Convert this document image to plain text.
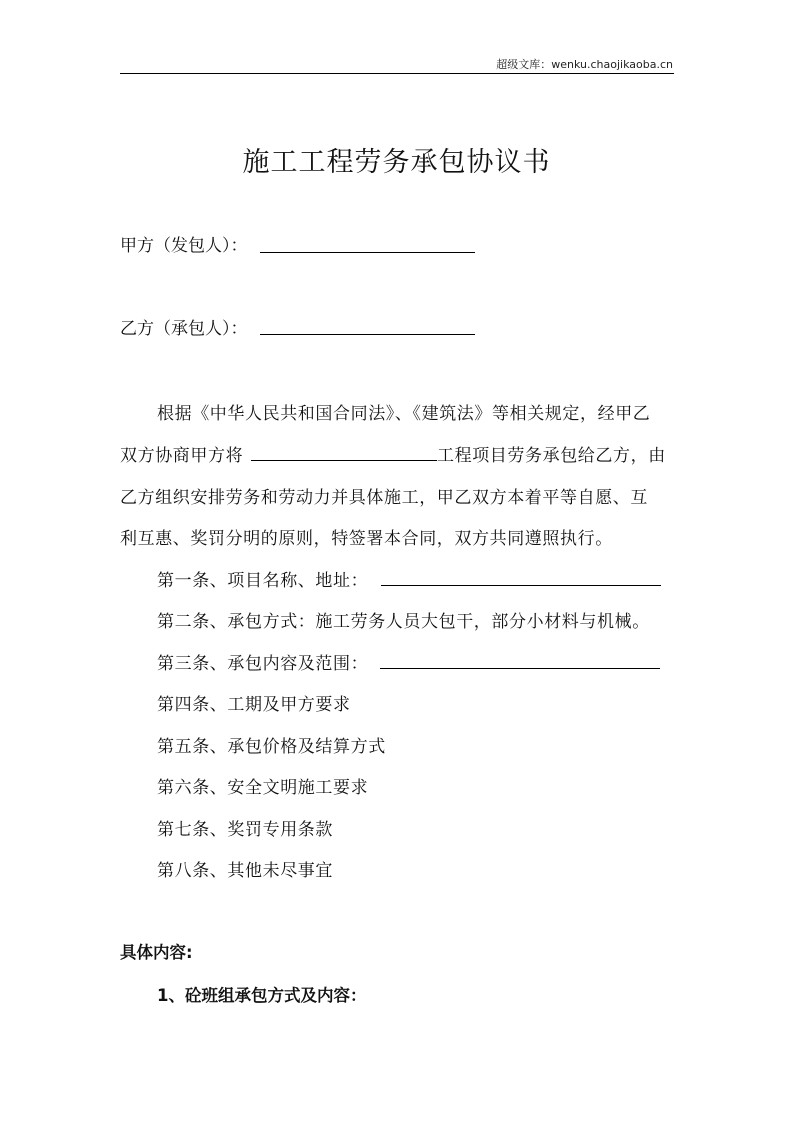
超级文库：wenku.chaojikaoba.cn
施工工程劳务承包协议书
甲方（发包人）：
乙方（承包人）：
根据《中华人民共和国合同法》、《建筑法》等相关规定，经甲乙
双方协商甲方将	工程项目劳务承包给乙方，由
乙方组织安排劳务和劳动力并具体施工，甲乙双方本着平等自愿、互
利互惠、奖罚分明的原则，特签署本合同，双方共同遵照执行。
第一条、项目名称、地址：
第二条、承包方式：施工劳务人员大包干，部分小材料与机械。
第三条、承包内容及范围：
第四条、工期及甲方要求
第五条、承包价格及结算方式
第六条、安全文明施工要求
第七条、奖罚专用条款
第八条、其他未尽事宜
具体内容:
1、砼班组承包方式及内容：
